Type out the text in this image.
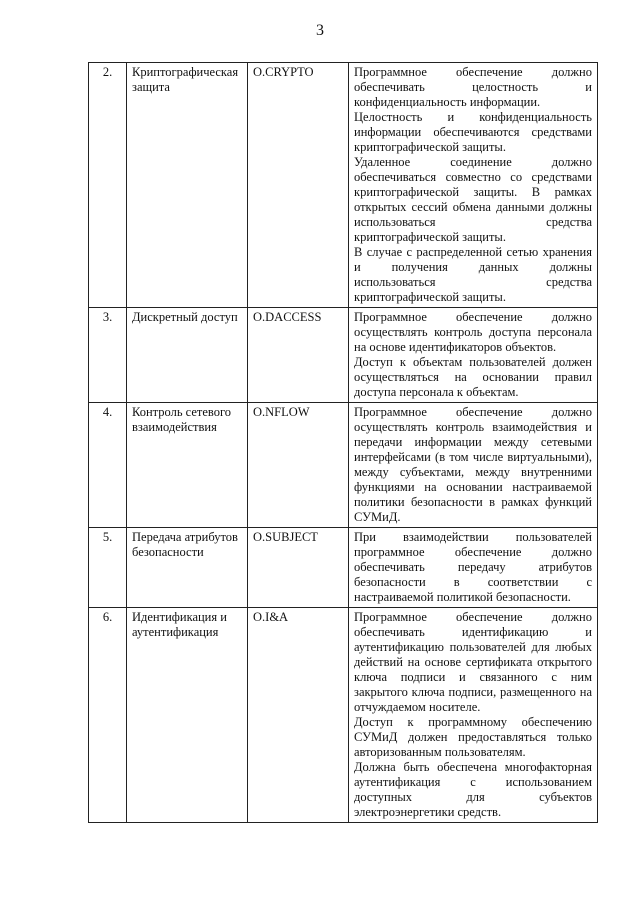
3
2.	Криптографическая защита	O.CRYPTO	Программное обеспечение должно обеспечивать целостность и конфиденциальность информации.
Целостность и конфиденциальность информации обеспечиваются средствами криптографической защиты.
Удаленное соединение должно обеспечиваться совместно со средствами криптографической защиты. В рамках открытых сессий обмена данными должны использоваться средства криптографической защиты.
В случае с распределенной сетью хранения и получения данных должны использоваться средства криптографической защиты.

3.	Дискретный доступ	O.DACCESS	Программное обеспечение должно осуществлять контроль доступа персонала на основе идентификаторов объектов.
Доступ к объектам пользователей должен осуществляться на основании правил доступа персонала к объектам.

4.	Контроль сетевого взаимодействия	O.NFLOW	Программное обеспечение должно осуществлять контроль взаимодействия и передачи информации между сетевыми интерфейсами (в том числе виртуальными), между субъектами, между внутренними функциями на основании настраиваемой политики безопасности в рамках функций СУМиД.

5.	Передача атрибутов безопасности	O.SUBJECT	При взаимодействии пользователей программное обеспечение должно обеспечивать передачу атрибутов безопасности в соответствии с настраиваемой политикой безопасности.

6.	Идентификация и аутентификация	O.I&A	Программное обеспечение должно обеспечивать идентификацию и аутентификацию пользователей для любых действий на основе сертификата открытого ключа подписи и связанного с ним закрытого ключа подписи, размещенного на отчуждаемом носителе.
Доступ к программному обеспечению СУМиД должен предоставляться только авторизованным пользователям.
Должна быть обеспечена многофакторная аутентификация с использованием доступных для субъектов электроэнергетики средств.
